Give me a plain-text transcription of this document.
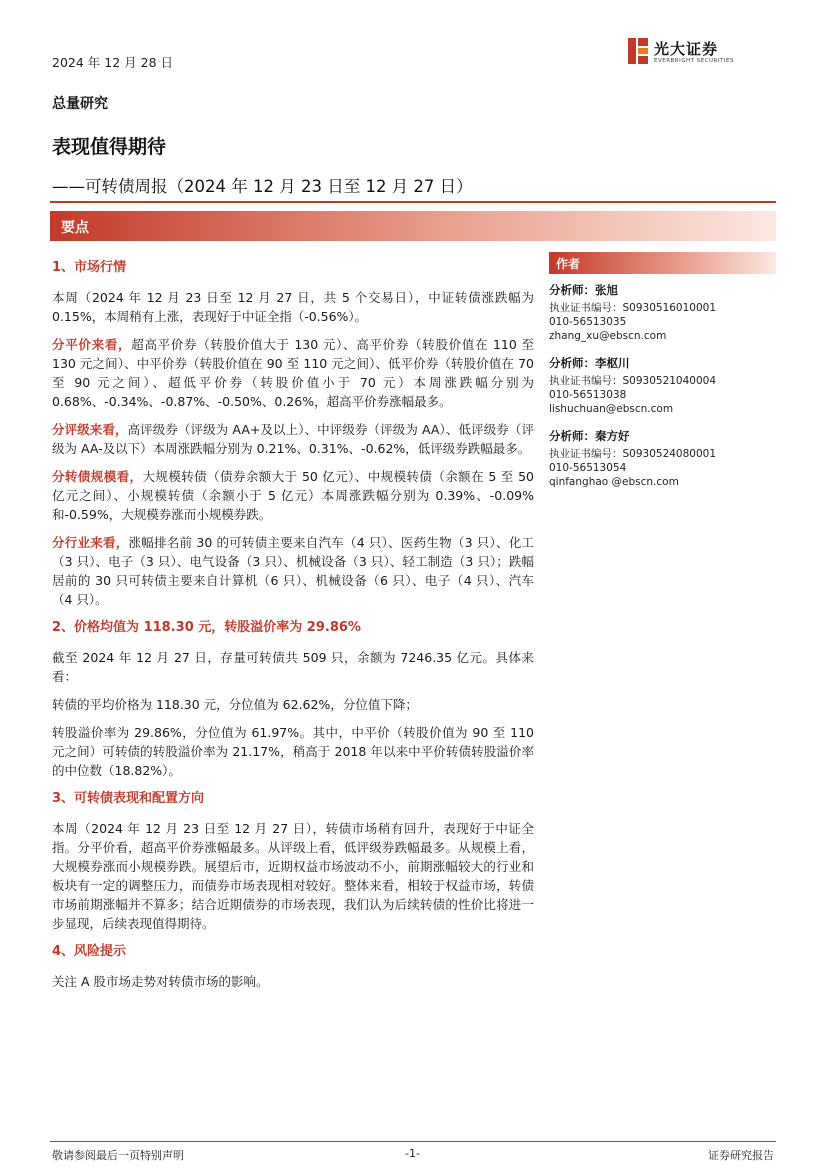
2024 年 12 月 28 日
光大证券
EVERBRIGHT SECURITIES
总量研究
表现值得期待
——可转债周报（2024 年 12 月 23 日至 12 月 27 日）
要点
1、市场行情

本周（2024 年 12 月 23 日至 12 月 27 日，共 5 个交易日），中证转债涨跌幅为 0.15%，本周稍有上涨，表现好于中证全指（-0.56%）。

分平价来看，超高平价券（转股价值大于 130 元）、高平价券（转股价值在 110 至 130 元之间）、中平价券（转股价值在 90 至 110 元之间）、低平价券（转股价值在 70 至 90 元之间）、超低平价券（转股价值小于 70 元）本周涨跌幅分别为 0.68%、-0.34%、-0.87%、-0.50%、0.26%，超高平价券涨幅最多。

分评级来看，高评级券（评级为 AA+及以上）、中评级券（评级为 AA）、低评级券（评级为 AA-及以下）本周涨跌幅分别为 0.21%、0.31%、-0.62%，低评级券跌幅最多。

分转债规模看，大规模转债（债券余额大于 50 亿元）、中规模转债（余额在 5 至 50 亿元之间）、小规模转债（余额小于 5 亿元）本周涨跌幅分别为 0.39%、-0.09%和-0.59%，大规模券涨而小规模券跌。

分行业来看，涨幅排名前 30 的可转债主要来自汽车（4 只）、医药生物（3 只）、化工（3 只）、电子（3 只）、电气设备（3 只）、机械设备（3 只）、轻工制造（3 只）；跌幅居前的 30 只可转债主要来自计算机（6 只）、机械设备（6 只）、电子（4 只）、汽车（4 只）。

2、价格均值为 118.30 元，转股溢价率为 29.86%

截至 2024 年 12 月 27 日，存量可转债共 509 只，余额为 7246.35 亿元。具体来看：

转债的平均价格为 118.30 元，分位值为 62.62%，分位值下降；

转股溢价率为 29.86%，分位值为 61.97%。其中，中平价（转股价值为 90 至 110 元之间）可转债的转股溢价率为 21.17%，稍高于 2018 年以来中平价转债转股溢价率的中位数（18.82%）。

3、可转债表现和配置方向

本周（2024 年 12 月 23 日至 12 月 27 日），转债市场稍有回升，表现好于中证全指。分平价看，超高平价券涨幅最多。从评级上看，低评级券跌幅最多。从规模上看，大规模券涨而小规模券跌。展望后市，近期权益市场波动不小，前期涨幅较大的行业和板块有一定的调整压力，而债券市场表现相对较好。整体来看，相较于权益市场，转债市场前期涨幅并不算多；结合近期债券的市场表现，我们认为后续转债的性价比将进一步显现，后续表现值得期待。

4、风险提示

关注 A 股市场走势对转债市场的影响。

作者
分析师：张旭
执业证书编号：S0930516010001
010-56513035
zhang_xu@ebscn.com
分析师：李枢川
执业证书编号：S0930521040004
010-56513038
lishuchuan@ebscn.com
分析师：秦方好
执业证书编号：S0930524080001
010-56513054
qinfanghao @ebscn.com
敬请参阅最后一页特别声明	-1-	证券研究报告
